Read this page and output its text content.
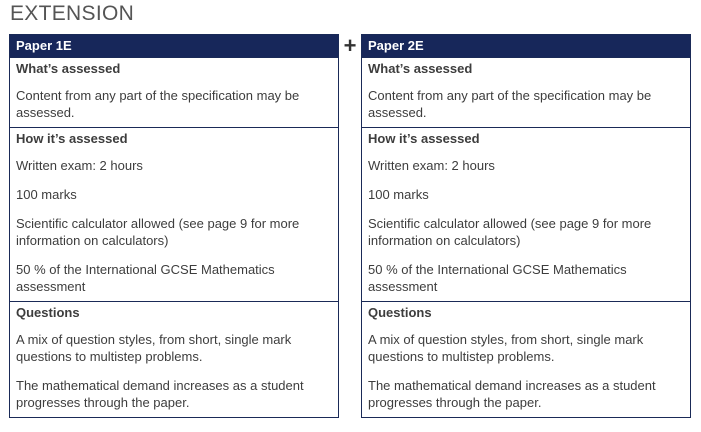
EXTENSION
Paper 1E
What’s assessed
Content from any part of the specification may be assessed.
How it’s assessed
Written exam: 2 hours
100 marks
Scientific calculator allowed (see page 9 for more information on calculators)
50 % of the International GCSE Mathematics assessment
Questions
A mix of question styles, from short, single mark questions to multistep problems.
The mathematical demand increases as a student progresses through the paper.
+ Paper 2E
What’s assessed
Content from any part of the specification may be assessed.
How it’s assessed
Written exam: 2 hours
100 marks
Scientific calculator allowed (see page 9 for more information on calculators)
50 % of the International GCSE Mathematics assessment
Questions
A mix of question styles, from short, single mark questions to multistep problems.
The mathematical demand increases as a student progresses through the paper.
